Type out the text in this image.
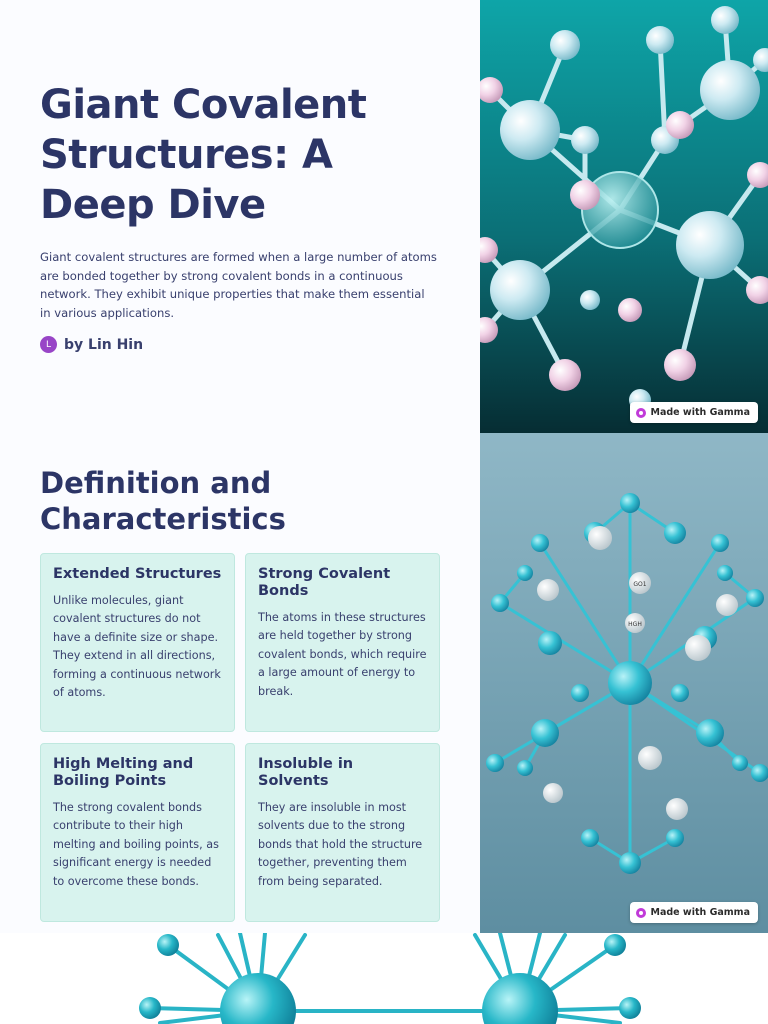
Giant Covalent Structures: A Deep Dive

Giant covalent structures are formed when a large number of atoms are bonded together by strong covalent bonds in a continuous network. They exhibit unique properties that make them essential in various applications.

L by Lin Hin
Made with Gamma
Definition and Characteristics
Extended Structures
Unlike molecules, giant covalent structures do not have a definite size or shape. They extend in all directions, forming a continuous network of atoms.
Strong Covalent Bonds
The atoms in these structures are held together by strong covalent bonds, which require a large amount of energy to break.
High Melting and Boiling Points
The strong covalent bonds contribute to their high melting and boiling points, as significant energy is needed to overcome these bonds.
Insoluble in Solvents
They are insoluble in most solvents due to the strong bonds that hold the structure together, preventing them from being separated.
GO1
HGH
Made with Gamma
